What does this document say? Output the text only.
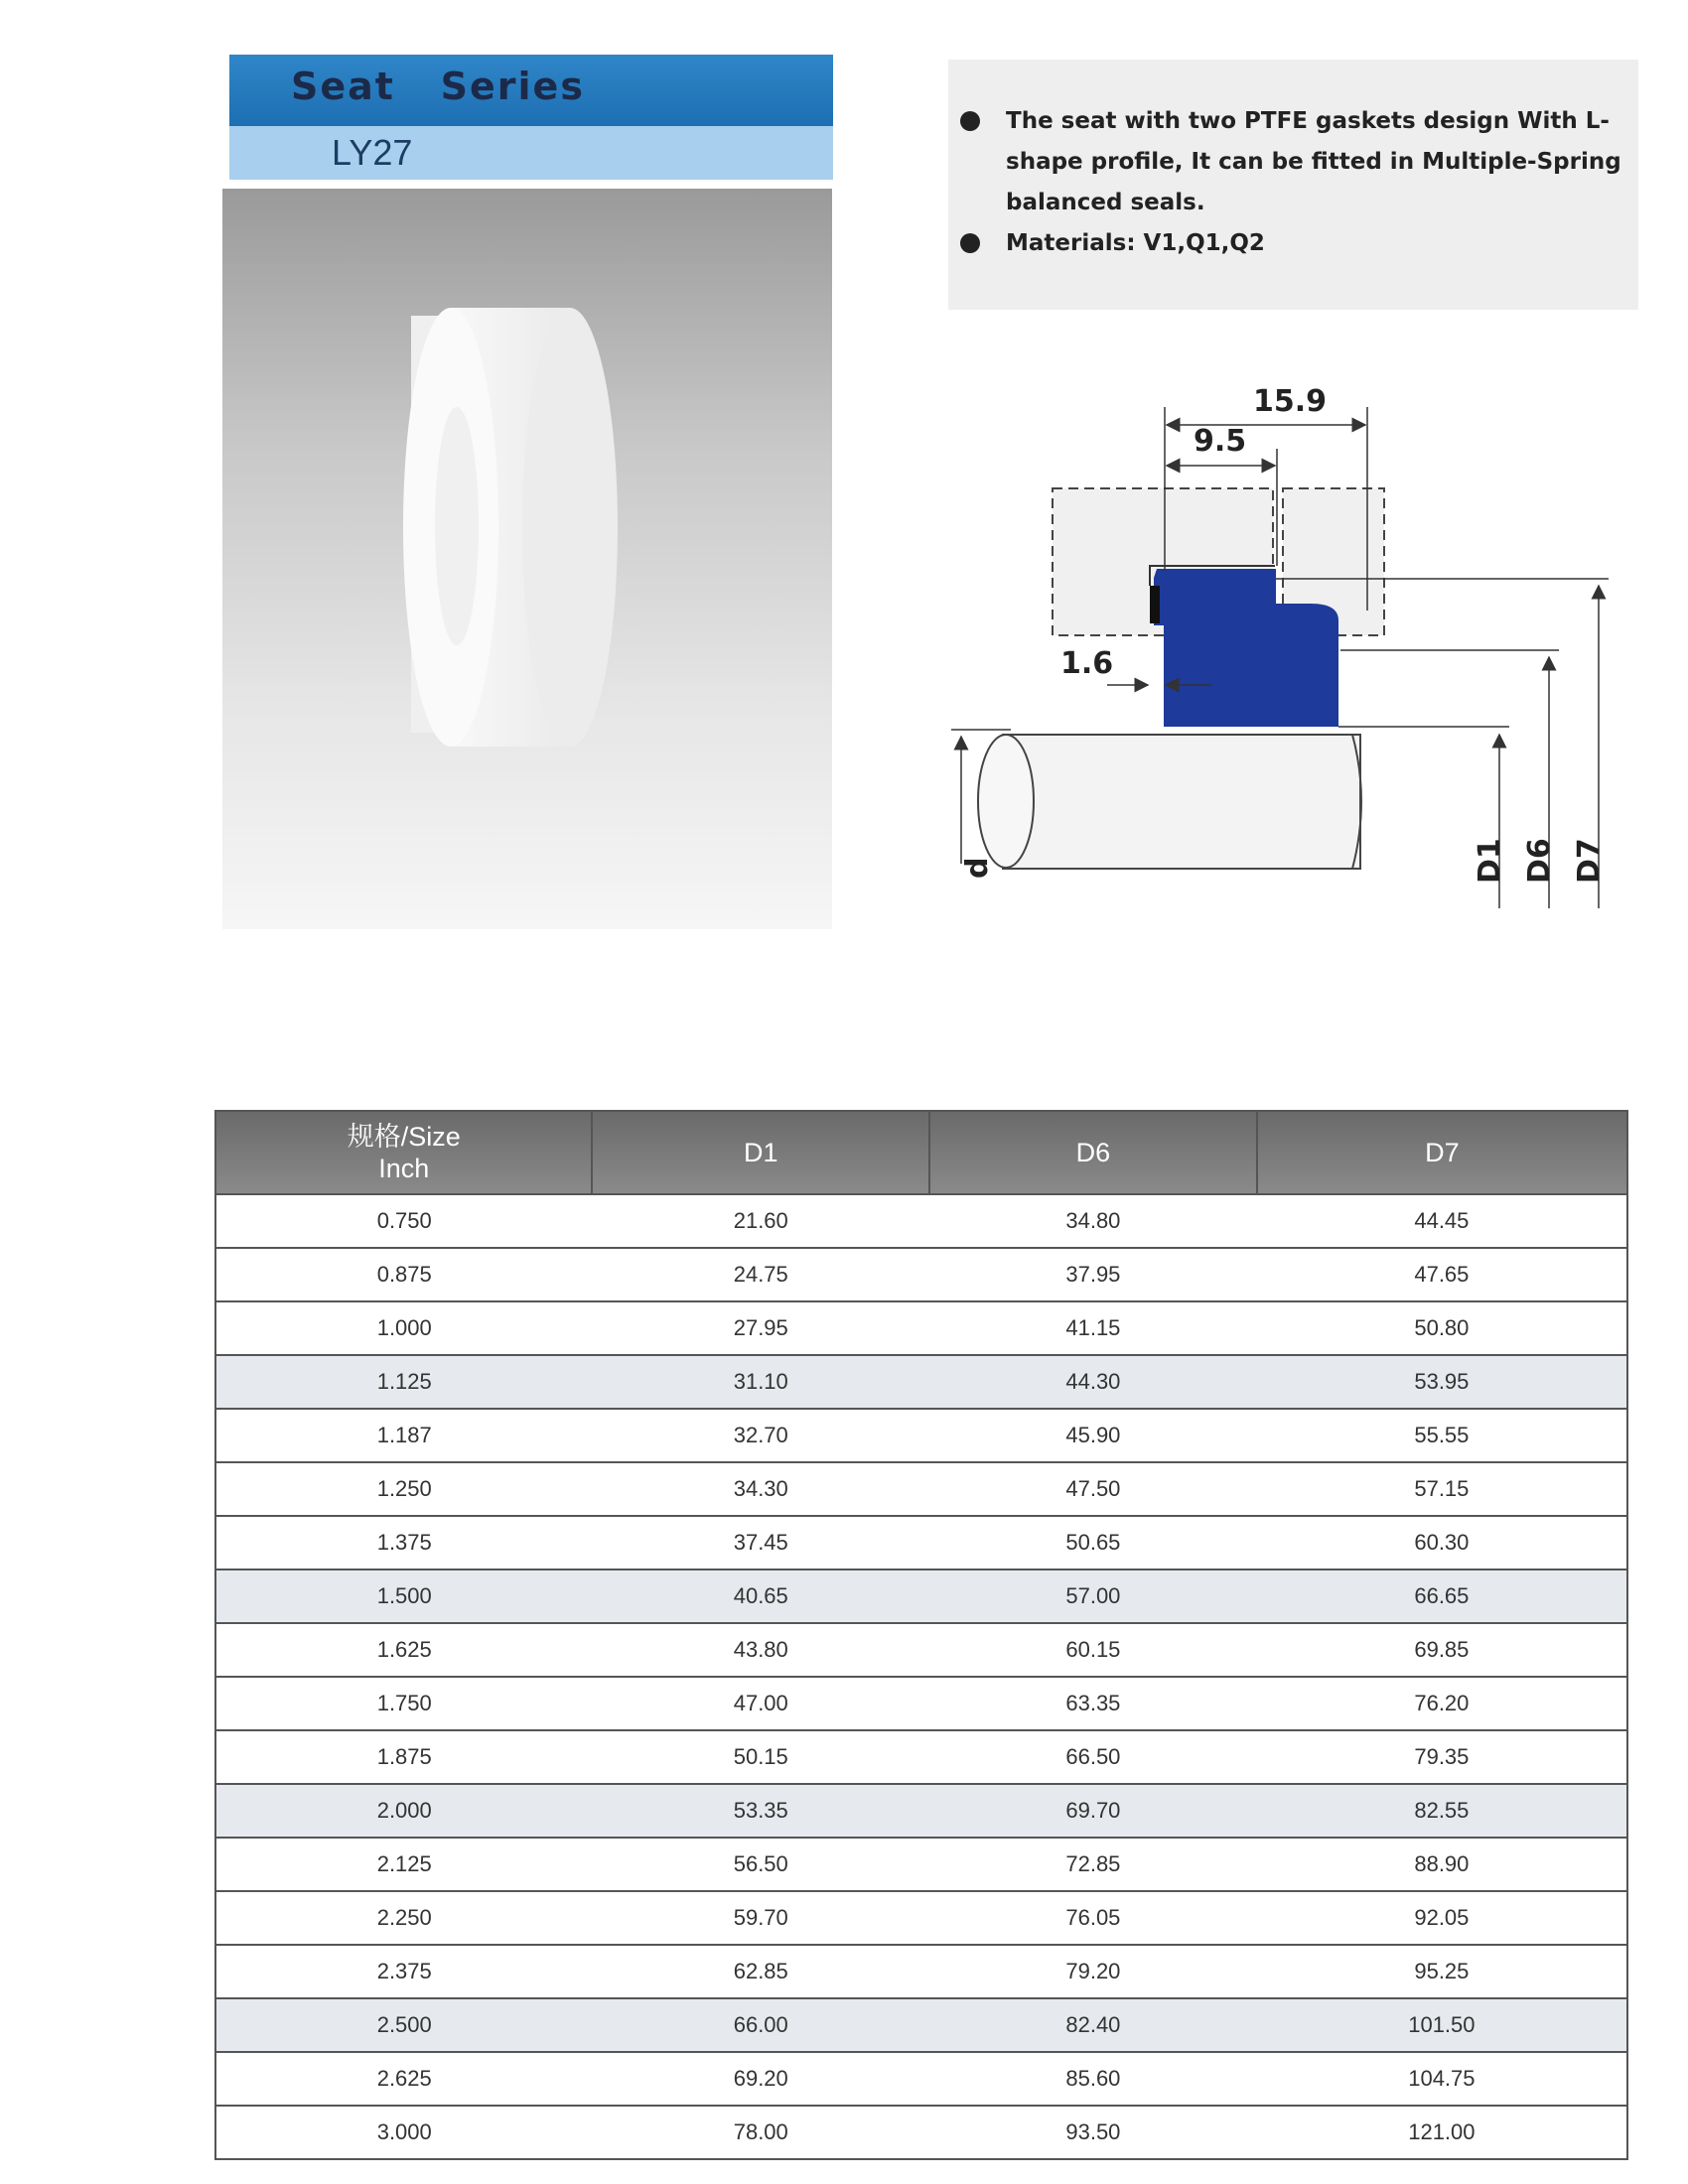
Seat   Series
LY27
The seat with two PTFE gaskets design With L-shape profile, It can be fitted in Multiple-Spring balanced seals.
Materials: V1,Q1,Q2
15.9
9.5
1.6
d	D1 D6 D7
规格/Size
Inch	D1	D6	D7
0.750	21.60	34.80	44.45
0.875	24.75	37.95	47.65
1.000	27.95	41.15	50.80
1.125	31.10	44.30	53.95
1.187	32.70	45.90	55.55
1.250	34.30	47.50	57.15
1.375	37.45	50.65	60.30
1.500	40.65	57.00	66.65
1.625	43.80	60.15	69.85
1.750	47.00	63.35	76.20
1.875	50.15	66.50	79.35
2.000	53.35	69.70	82.55
2.125	56.50	72.85	88.90
2.250	59.70	76.05	92.05
2.375	62.85	79.20	95.25
2.500	66.00	82.40	101.50
2.625	69.20	85.60	104.75
3.000	78.00	93.50	121.00
